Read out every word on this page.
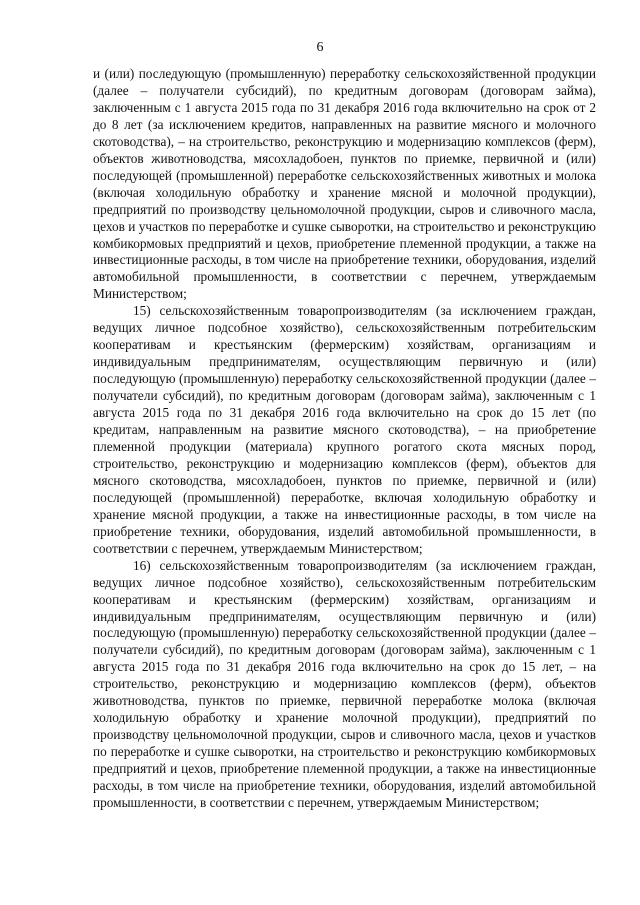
6

и (или) последующую (промышленную) переработку сельскохозяйственной продукции (далее – получатели субсидий), по кредитным договорам (договорам займа), заключенным с 1 августа 2015 года по 31 декабря 2016 года включительно на срок от 2 до 8 лет (за исключением кредитов, направленных на развитие мясного и молочного скотоводства), – на строительство, реконструкцию и модернизацию комплексов (ферм), объектов животноводства, мясохладобоен, пунктов по приемке, первичной и (или) последующей (промышленной) переработке сельскохозяйственных животных и молока (включая холодильную обработку и хранение мясной и молочной продукции), предприятий по производству цельномолочной продукции, сыров и сливочного масла, цехов и участков по переработке и сушке сыворотки, на строительство и реконструкцию комбикормовых предприятий и цехов, приобретение племенной продукции, а также на инвестиционные расходы, в том числе на приобретение техники, оборудования, изделий автомобильной промышленности, в соответствии с перечнем, утверждаемым Министерством;

15) сельскохозяйственным товаропроизводителям (за исключением граждан, ведущих личное подсобное хозяйство), сельскохозяйственным потребительским кооперативам и крестьянским (фермерским) хозяйствам, организациям и индивидуальным предпринимателям, осуществляющим первичную и (или) последующую (промышленную) переработку сельскохозяйственной продукции (далее – получатели субсидий), по кредитным договорам (договорам займа), заключенным с 1 августа 2015 года по 31 декабря 2016 года включительно на срок до 15 лет (по кредитам, направленным на развитие мясного скотоводства), – на приобретение племенной продукции (материала) крупного рогатого скота мясных пород, строительство, реконструкцию и модернизацию комплексов (ферм), объектов для мясного скотоводства, мясохладобоен, пунктов по приемке, первичной и (или) последующей (промышленной) переработке, включая холодильную обработку и хранение мясной продукции, а также на инвестиционные расходы, в том числе на приобретение техники, оборудования, изделий автомобильной промышленности, в соответствии с перечнем, утверждаемым Министерством;

16) сельскохозяйственным товаропроизводителям (за исключением граждан, ведущих личное подсобное хозяйство), сельскохозяйственным потребительским кооперативам и крестьянским (фермерским) хозяйствам, организациям и индивидуальным предпринимателям, осуществляющим первичную и (или) последующую (промышленную) переработку сельскохозяйственной продукции (далее – получатели субсидий), по кредитным договорам (договорам займа), заключенным с 1 августа 2015 года по 31 декабря 2016 года включительно на срок до 15 лет, – на строительство, реконструкцию и модернизацию комплексов (ферм), объектов животноводства, пунктов по приемке, первичной переработке молока (включая холодильную обработку и хранение молочной продукции), предприятий по производству цельномолочной продукции, сыров и сливочного масла, цехов и участков по переработке и сушке сыворотки, на строительство и реконструкцию комбикормовых предприятий и цехов, приобретение племенной продукции, а также на инвестиционные расходы, в том числе на приобретение техники, оборудования, изделий автомобильной промышленности, в соответствии с перечнем, утверждаемым Министерством;
